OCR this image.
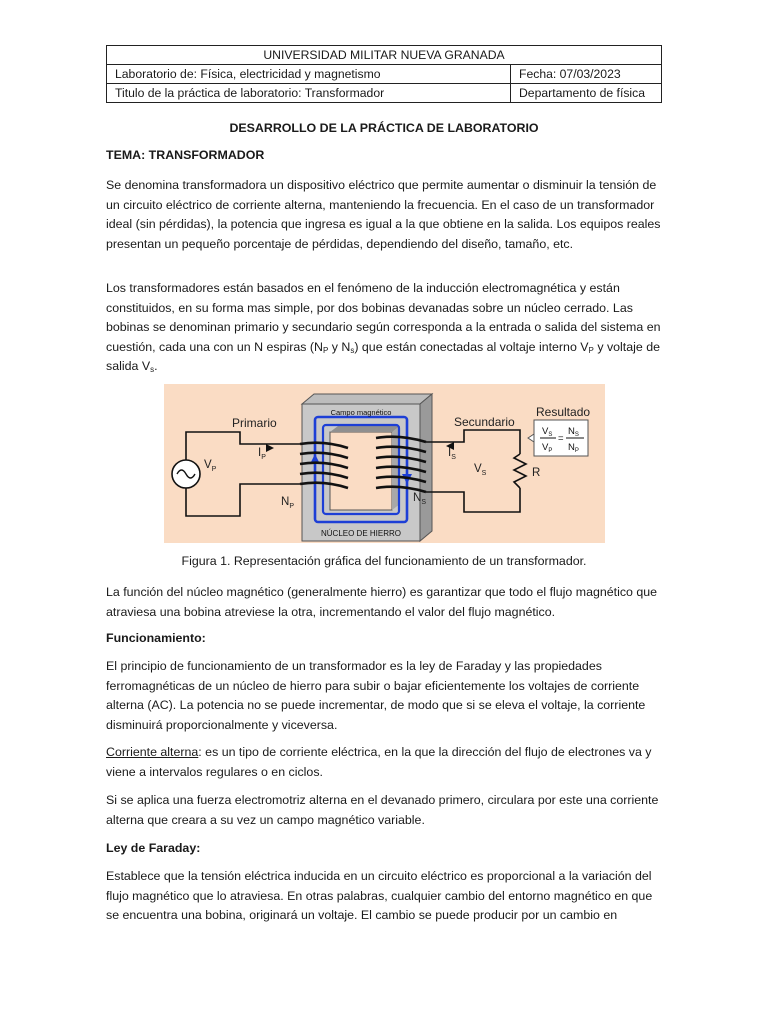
UNIVERSIDAD MILITAR NUEVA GRANADA	
Laboratorio de: Física, electricidad y magnetismo	Fecha: 07/03/2023
Titulo de la práctica de laboratorio: Transformador	Departamento de física
DESARROLLO DE LA PRÁCTICA DE LABORATORIO
TEMA: TRANSFORMADOR

Se denomina transformadora un dispositivo eléctrico que permite aumentar o disminuir la tensión de un circuito eléctrico de corriente alterna, manteniendo la frecuencia. En el caso de un transformador ideal (sin pérdidas), la potencia que ingresa es igual a la que obtiene en la salida. Los equipos reales presentan un pequeño porcentaje de pérdidas, dependiendo del diseño, tamaño, etc.

Los transformadores están basados en el fenómeno de la inducción electromagnética y están constituidos, en su forma mas simple, por dos bobinas devanadas sobre un núcleo cerrado. Las bobinas se denominan primario y secundario según corresponda a la entrada o salida del sistema en cuestión, cada una con un N espiras ($N_P$ y $N_s$) que están conectadas al voltaje interno $V_P$ y voltaje de salida $V_s$.

Campo magnético
NÚCLEO DE HIERRO
Primario	Secundario
Resultado
$V_P$
$I_P$
$N_P$
$I_S$
$V_S$
$N_S$
R
$V_S$
$V_P$
=
$N_S$
$N_P$
Figura 1. Representación gráfica del funcionamiento de un transformador.

La función del núcleo magnético (generalmente hierro) es garantizar que todo el flujo magnético que atraviesa una bobina atreviese la otra, incrementando el valor del flujo magnético.

Funcionamiento:

El principio de funcionamiento de un transformador es la ley de Faraday y las propiedades ferromagnéticas de un núcleo de hierro para subir o bajar eficientemente los voltajes de corriente alterna (AC). La potencia no se puede incrementar, de modo que si se eleva el voltaje, la corriente disminuirá proporcionalmente y viceversa.

Corriente alterna: es un tipo de corriente eléctrica, en la que la dirección del flujo de electrones va y viene a intervalos regulares o en ciclos.

Si se aplica una fuerza electromotriz alterna en el devanado primero, circulara por este una corriente alterna que creara a su vez un campo magnético variable.

Ley de Faraday:

Establece que la tensión eléctrica inducida en un circuito eléctrico es proporcional a la variación del flujo magnético que lo atraviesa. En otras palabras, cualquier cambio del entorno magnético en que se encuentra una bobina, originará un voltaje. El cambio se puede producir por un cambio en
